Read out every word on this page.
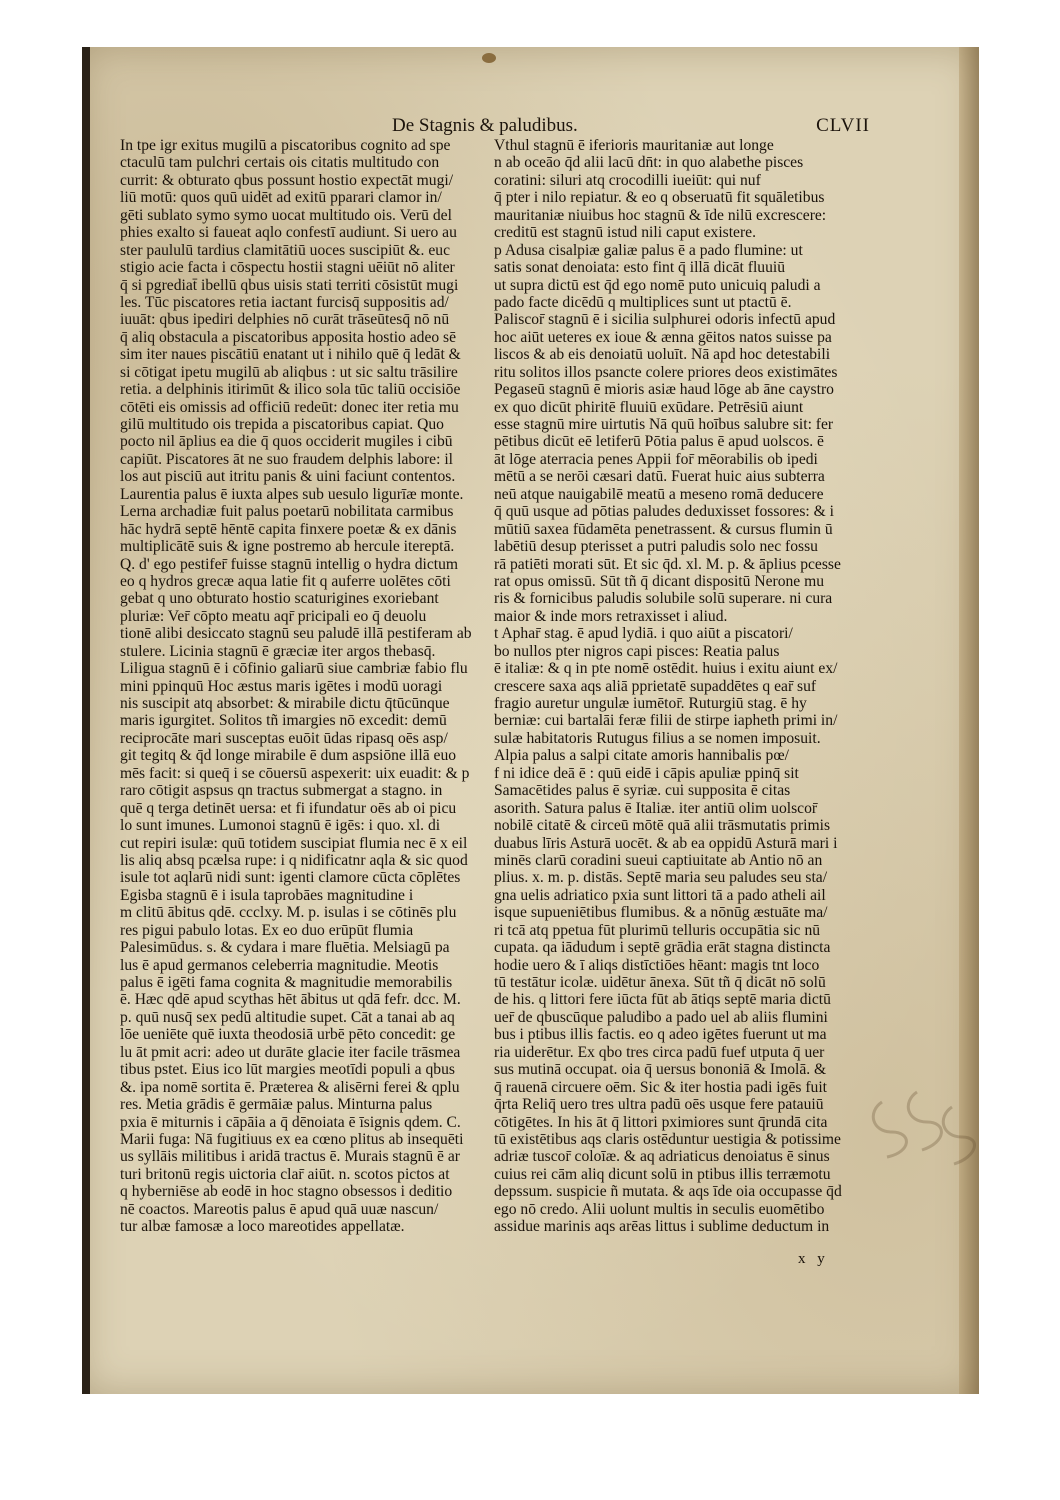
De Stagnis & paludibus.	CLVII
In tpe igr exitus mugilū a piscatoribus cognito ad spe
ctaculū tam pulchri certais ois citatis multitudo con
currit: & obturato qbus possunt hostio expectāt mugi/
liū motū: quos quū uidēt ad exitū pparari clamor in/
gēti sublato symo symo uocat multitudo ois. Verū del
phies exalto si faueat aqlo confestī audiunt. Si uero au
ster paululū tardius clamitātiū uoces suscipiūt &. euc
stigio acie facta i cōspectu hostii stagni uēiūt nō aliter
q̄ si pgrediat̄ ibellū qbus uisis stati territi cōsistūt mugi
les. Tūc piscatores retia iactant furcisq̄ suppositis ad/
iuuāt: qbus ipediri delphies nō curāt trāseūtesq̄ nō nū
q̄ aliq obstacula a piscatoribus apposita hostio adeo sē
sim iter naues piscātiū enatant ut i nihilo quē q̄ ledāt &
si cōtigat ipetu mugilū ab aliqbus : ut sic saltu trāsilire
retia. a delphinis itirimūt & ilico sola tūc taliū occisiōe
cōtēti eis omissis ad officiū redeūt: donec iter retia mu
gilū multitudo ois trepida a piscatoribus capiat. Quo
pocto nil āplius ea die q̄ quos occiderit mugiles i cibū
capiūt. Piscatores āt ne suo fraudem delphis labore: il
los aut pisciū aut itritu panis & uini faciunt contentos.
Laurentia palus ē iuxta alpes sub uesulo ligurīæ monte.
Lerna archadiæ fuit palus poetarū nobilitata carmibus
hāc hydrā septē hēntē capita finxere poetæ & ex dānis
multiplicātē suis & igne postremo ab hercule itereptā.
Q. d' ego pestifer̄ fuisse stagnū intellig o hydra dictum
eo q hydros grecæ aqua latie fit q auferre uolētes cōti
gebat q uno obturato hostio scaturigines exoriebant
pluriæ: Ver̄ cōpto meatu aqr̄ pricipali eo q̄ deuolu
tionē alibi desiccato stagnū seu paludē illā pestiferam ab
stulere. Licinia stagnū ē græciæ iter argos thebasq̄.
Liligua stagnū ē i cōfinio galiarū siue cambriæ fabio flu
mini ppinquū Hoc æstus maris igētes i modū uoragi
nis suscipit atq absorbet: & mirabile dictu q̄tūcūnque
maris igurgitet. Solitos tñ imargies nō excedit: demū
reciprocāte mari susceptas euōit ūdas ripasq oēs asp/
git tegitq & q̄d longe mirabile ē dum aspsiōne illā euo
mēs facit: si queq̄ i se cōuersū aspexerit: uix euadit: & p
raro cōtigit aspsus qn tractus submergat a stagno. in
quē q terga detinēt uersa: et fi ifundatur oēs ab oi picu
lo sunt imunes. Lumonoi stagnū ē igēs: i quo. xl. di
cut repiri isulæ: quū totidem suscipiat flumia nec ē x eil
lis aliq absq pcælsa rupe: i q nidificatnr aqla & sic quod
isule tot aqlarū nidi sunt: igenti clamore cūcta cōplētes
Egisba stagnū ē i isula taprobāes magnitudine i
m clitū ābitus qdē. ccclxy. M. p. isulas i se cōtinēs plu
res pigui pabulo lotas. Ex eo duo erūpūt flumia
Palesimūdus. s. & cydara i mare fluētia. Melsiagū pa
lus ē apud germanos celeberria magnitudie. Meotis
palus ē igēti fama cognita & magnitudie memorabilis
ē. Hæc qdē apud scythas hēt ābitus ut qdā fefr. dcc. M.
p. quū nusq̄ sex pedū altitudie supet. Cāt a tanai ab aq
lōe ueniēte quē iuxta theodosiā urbē pēto concedit: ge
lu āt pmit acri: adeo ut durāte glacie iter facile trāsmea
tibus pstet. Eius ico lūt margies meotīdi populi a qbus
&. ipa nomē sortita ē. Præterea & alisērni ferei & qplu
res. Metia grādis ē germāiæ palus. Minturna palus
pxia ē miturnis i cāpāia a q̄ dēnoiata ē īsignis qdem. C.
Marii fuga: Nā fugitiuus ex ea cœno plitus ab insequēti
us syllāis militibus i aridā tractus ē. Murais stagnū ē ar
turi britonū regis uictoria clar̄ aiūt. n. scotos pictos at
q hyberniēse ab eodē in hoc stagno obsessos i deditio
nē coactos. Mareotis palus ē apud quā uuæ nascun/
tur albæ famosæ a loco mareotides appellatæ.
Vthul stagnū ē iferioris mauritaniæ aut longe
n ab oceāo q̄d alii lacū dn̄t: in quo alabethe pisces
coratini: siluri atq crocodilli iueiūt: qui nuf
q̄ pter i nilo repiatur. & eo q obseruatū fit squāletibus
mauritaniæ niuibus hoc stagnū & īde nilū excrescere:
creditū est stagnū istud nili caput existere.
p Adusa cisalpiæ galiæ palus ē a pado flumine: ut
satis sonat denoiata: esto fint q̄ illā dicāt fluuiū
ut supra dictū est q̄d ego nomē puto unicuiq paludi a
pado facte dicēdū q multiplices sunt ut ptactū ē.
Paliscor̄ stagnū ē i sicilia sulphurei odoris infectū apud
hoc aiūt ueteres ex ioue & ænna gēitos natos suisse pa
liscos & ab eis denoiatū uoluīt. Nā apd hoc detestabili
ritu solitos illos psancte colere priores deos existimātes
Pegaseū stagnū ē mioris asiæ haud lōge ab āne caystro
ex quo dicūt phiritē fluuiū exūdare. Petrēsiū aiunt
esse stagnū mire uirtutis Nā quū hoībus salubre sit: fer
pētibus dicūt eē letiferū Pōtia palus ē apud uolscos. ē
āt lōge aterracia penes Appii for̄ mēorabilis ob ipedi
mētū a se nerōi cæsari datū. Fuerat huic aius subterra
neū atque nauigabilē meatū a meseno romā deducere
q̄ quū usque ad pōtias paludes deduxisset fossores: & i
mūtiū saxea fūdamēta penetrassent. & cursus flumin ū
labētiū desup pterisset a putri paludis solo nec fossu
rā patiēti morati sūt. Et sic q̄d. xl. M. p. & āplius pcesse
rat opus omissū. Sūt tñ q̄ dicant dispositū Nerone mu
ris & fornicibus paludis solubile solū superare. ni cura
maior & inde mors retraxisset i aliud.
t Aphar̄ stag. ē apud lydiā. i quo aiūt a piscatori/
bo nullos pter nigros capi pisces: Reatia palus
ē italiæ: & q in pte nomē ostēdit. huius i exitu aiunt ex/
crescere saxa aqs aliā pprietatē supaddētes q ear̄ suf
fragio auretur ungulæ iumētor̄. Ruturgiū stag. ē hy
berniæ: cui bartalāi feræ filii de stirpe iapheth primi in/
sulæ habitatoris Rutugus filius a se nomen imposuit.
Alpia palus a salpi citate amoris hannibalis pœ/
f ni idice deā ē : quū eidē i cāpis apuliæ ppinq̄ sit
Samacētides palus ē syriæ. cui supposita ē citas
asorith. Satura palus ē Italiæ. iter antiū olim uolscor̄
nobilē citatē & circeū mōtē quā alii trāsmutatis primis
duabus līris Asturā uocēt. & ab ea oppidū Asturā mari i
minēs clarū coradini sueui captiuitate ab Antio nō an
plius. x. m. p. distās. Septē maria seu paludes seu sta/
gna uelis adriatico pxia sunt littori tā a pado atheli ail
isque supueniētibus flumibus. & a nōnūg æstuāte ma/
ri tcā atq ppetua fūt plurimū telluris occupātia sic nū
cupata. qa iādudum i septē grādia erāt stagna distincta
hodie uero & ī aliqs distīctiōes hēant: magis tnt loco
tū testātur icolæ. uidētur ānexa. Sūt tñ q̄ dicāt nō solū
de his. q littori fere iūcta fūt ab ātiqs septē maria dictū
uer̄ de qbuscūque paludibo a pado uel ab aliis flumini
bus i ptibus illis factis. eo q adeo igētes fuerunt ut ma
ria uiderētur. Ex qbo tres circa padū fuef utputa q̄ uer
sus mutinā occupat. oia q̄ uersus bononiā & Imolā. &
q̄ rauenā circuere oēm. Sic & iter hostia padi igēs fuit
q̄rta Reliq̄ uero tres ultra padū oēs usque fere patauiū
cōtigētes. In his āt q̄ littori pximiores sunt q̄rundā cita
tū existētibus aqs claris ostēduntur uestigia & potissime
adriæ tuscor̄ coloīæ. & aq adriaticus denoiatus ē sinus
cuius rei cām aliq dicunt solū in ptibus illis terræmotu
depssum. suspicie ñ mutata. & aqs īde oia occupasse q̄d
ego nō credo. Alii uolunt multis in seculis euomētibo
assidue marinis aqs arēas littus i sublime deductum in
x y
